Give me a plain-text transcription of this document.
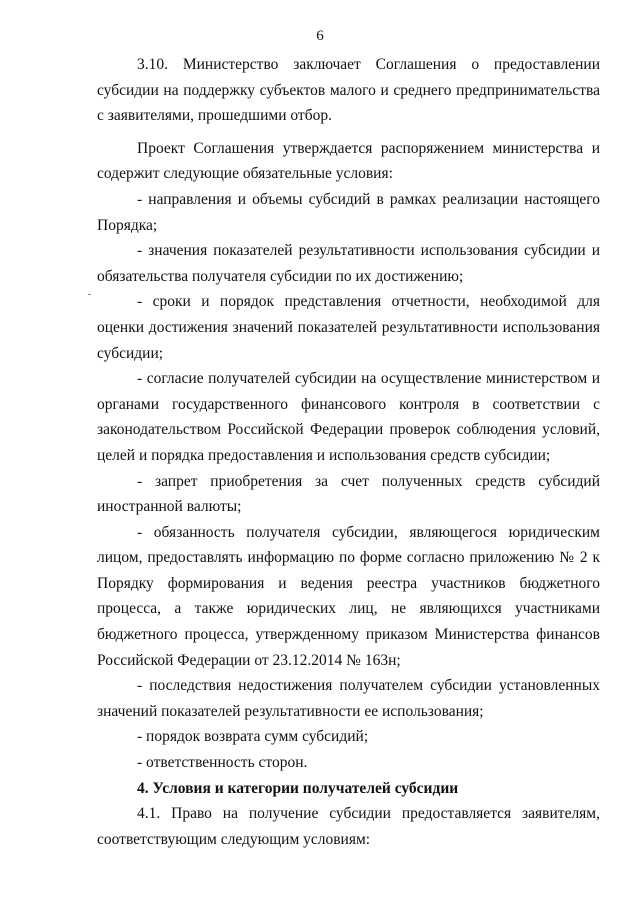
6

3.10. Министерство заключает Соглашения о предоставлении субсидии на поддержку субъектов малого и среднего предпринимательства с заявителями, прошедшими отбор.

Проект Соглашения утверждается распоряжением министерства и содержит следующие обязательные условия:

- направления и объемы субсидий в рамках реализации настоящего Порядка;

- значения показателей результативности использования субсидии и обязательства получателя субсидии по их достижению;

- сроки и порядок представления отчетности, необходимой для оценки достижения значений показателей результативности использования субсидии;

- согласие получателей субсидии на осуществление министерством и органами государственного финансового контроля в соответствии с законодательством Российской Федерации проверок соблюдения условий, целей и порядка предоставления и использования средств субсидии;

- запрет приобретения за счет полученных средств субсидий иностранной валюты;

- обязанность получателя субсидии, являющегося юридическим лицом, предоставлять информацию по форме согласно приложению № 2 к Порядку формирования и ведения реестра участников бюджетного процесса, а также юридических лиц, не являющихся участниками бюджетного процесса, утвержденному приказом Министерства финансов Российской Федерации от 23.12.2014 № 163н;

- последствия недостижения получателем субсидии установленных значений показателей результативности ее использования;

- порядок возврата сумм субсидий;

- ответственность сторон.

4. Условия и категории получателей субсидии

4.1. Право на получение субсидии предоставляется заявителям, соответствующим следующим условиям:
